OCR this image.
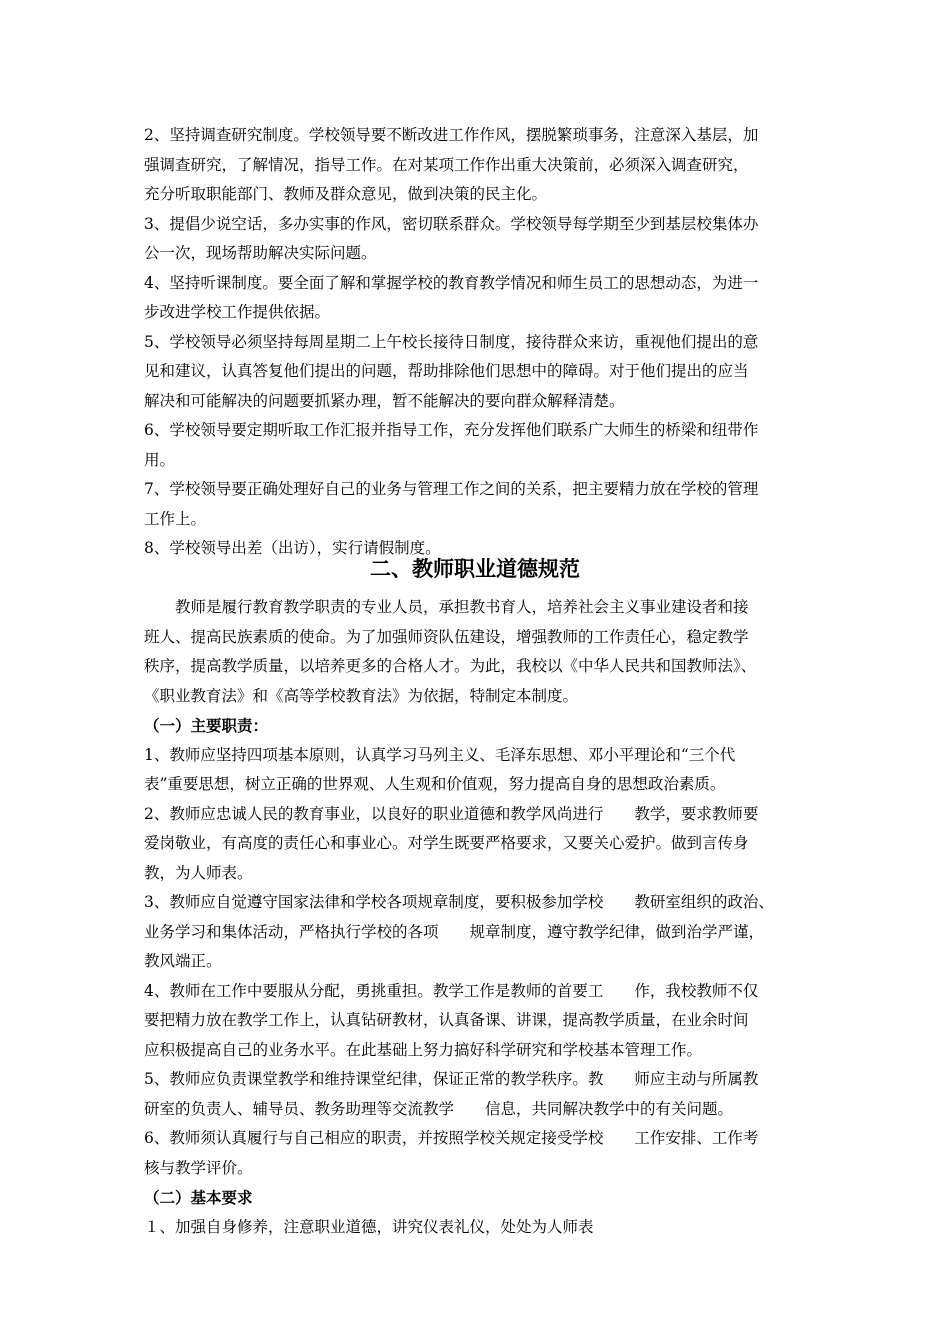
2、坚持调查研究制度。学校领导要不断改进工作作风，摆脱繁琐事务，注意深入基层，加
强调查研究，了解情况，指导工作。在对某项工作作出重大决策前，必须深入调查研究，
充分听取职能部门、教师及群众意见，做到决策的民主化。
3、提倡少说空话，多办实事的作风，密切联系群众。学校领导每学期至少到基层校集体办
公一次，现场帮助解决实际问题。
4、坚持听课制度。要全面了解和掌握学校的教育教学情况和师生员工的思想动态，为进一
步改进学校工作提供依据。
5、学校领导必须坚持每周星期二上午校长接待日制度，接待群众来访，重视他们提出的意
见和建议，认真答复他们提出的问题，帮助排除他们思想中的障碍。对于他们提出的应当
解决和可能解决的问题要抓紧办理，暂不能解决的要向群众解释清楚。
6、学校领导要定期听取工作汇报并指导工作，充分发挥他们联系广大师生的桥梁和纽带作
用。
7、学校领导要正确处理好自己的业务与管理工作之间的关系，把主要精力放在学校的管理
工作上。
8、学校领导出差（出访），实行请假制度。
二、教师职业道德规范
　　教师是履行教育教学职责的专业人员，承担教书育人，培养社会主义事业建设者和接
班人、提高民族素质的使命。为了加强师资队伍建设，增强教师的工作责任心，稳定教学
秩序，提高教学质量，以培养更多的合格人才。为此，我校以《中华人民共和国教师法》、
《职业教育法》和《高等学校教育法》为依据，特制定本制度。
（一）主要职责：
1、教师应坚持四项基本原则，认真学习马列主义、毛泽东思想、邓小平理论和“三个代
表”重要思想，树立正确的世界观、人生观和价值观，努力提高自身的思想政治素质。
2、教师应忠诚人民的教育事业，以良好的职业道德和教学风尚进行　　教学，要求教师要
爱岗敬业，有高度的责任心和事业心。对学生既要严格要求，又要关心爱护。做到言传身
教，为人师表。
3、教师应自觉遵守国家法律和学校各项规章制度，要积极参加学校　　教研室组织的政治、
业务学习和集体活动，严格执行学校的各项　　规章制度，遵守教学纪律，做到治学严谨，
教风端正。
4、教师在工作中要服从分配，勇挑重担。教学工作是教师的首要工　　作，我校教师不仅
要把精力放在教学工作上，认真钻研教材，认真备课、讲课，提高教学质量，在业余时间
应积极提高自己的业务水平。在此基础上努力搞好科学研究和学校基本管理工作。
5、教师应负责课堂教学和维持课堂纪律，保证正常的教学秩序。教　　师应主动与所属教
研室的负责人、辅导员、教务助理等交流教学　　信息，共同解决教学中的有关问题。
6、教师须认真履行与自己相应的职责，并按照学校关规定接受学校　　工作安排、工作考
核与教学评价。
（二）基本要求
１、加强自身修养，注意职业道德，讲究仪表礼仪，处处为人师表
